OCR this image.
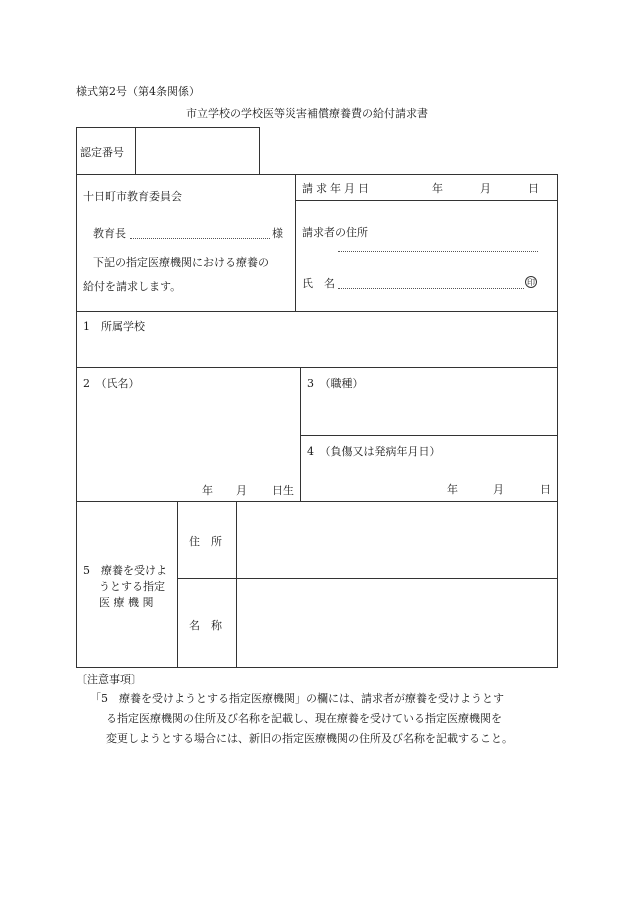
様式第2号（第4条関係）
市立学校の学校医等災害補償療養費の給付請求書
認定番号
十日町市教育委員会
教育長	様
下記の指定医療機関における療養の
給付を請求します。
請求年月日	年	月	日
請求者の住所
氏　名	印
1　所属学校
2　（氏名）
年 月 日生
3　（職種）
4　（負傷又は発病年月日）
年	月	日
5　療養を受けよ
うとする指定
医 療 機 関
住　所
名　称
〔注意事項〕
「5　療養を受けようとする指定医療機関」の欄には、請求者が療養を受けようとす
る指定医療機関の住所及び名称を記載し、現在療養を受けている指定医療機関を
変更しようとする場合には、新旧の指定医療機関の住所及び名称を記載すること。
